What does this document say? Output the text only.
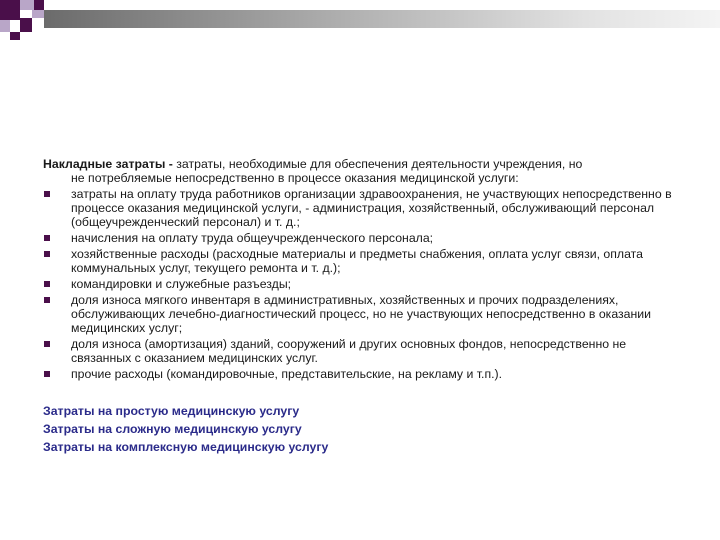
Накладные затраты - затраты, необходимые для обеспечения деятельности учреждения, но
не потребляемые непосредственно в процессе оказания медицинской услуги:

затраты на оплату труда работников организации здравоохранения, не участвующих непосредственно в процессе оказания медицинской услуги, - администрация, хозяйственный, обслуживающий персонал (общеучрежденческий персонал) и т. д.;
начисления на оплату труда общеучрежденческого персонала;
хозяйственные расходы (расходные материалы и предметы снабжения, оплата услуг связи, оплата коммунальных услуг, текущего ремонта и т. д.);
командировки и служебные разъезды;
доля износа мягкого инвентаря в административных, хозяйственных и прочих подразделениях, обслуживающих лечебно-диагностический процесс, но не участвующих непосредственно в оказании медицинских услуг;
доля износа (амортизация) зданий, сооружений и других основных фондов, непосредственно не связанных с оказанием медицинских услуг.
прочие расходы (командировочные, представительские, на рекламу и т.п.).
Затраты на простую медицинскую услугу
Затраты на сложную медицинскую услугу
Затраты на комплексную медицинскую услугу
